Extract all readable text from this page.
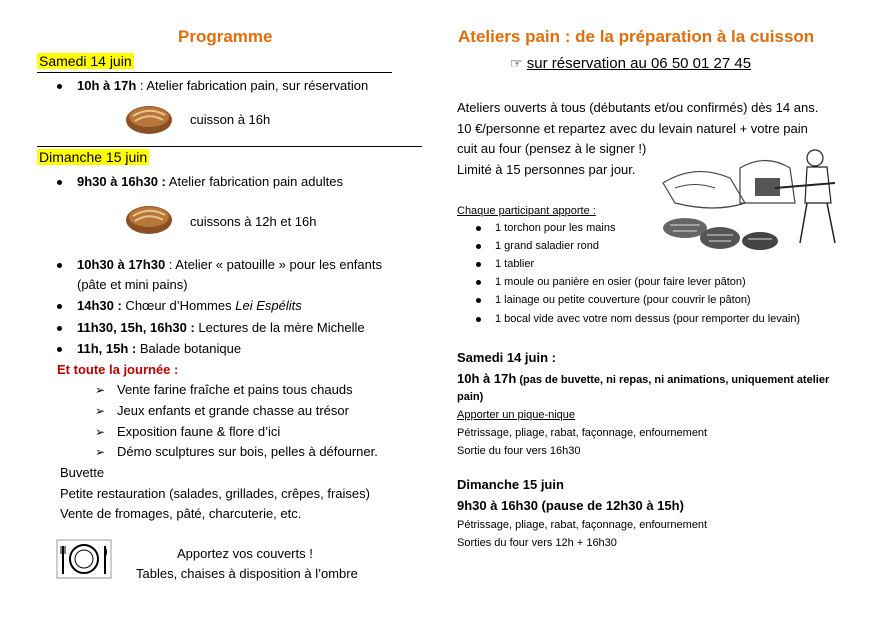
Programme
Samedi 14 juin
10h à 17h : Atelier fabrication pain, sur réservation
cuisson à 16h
Dimanche 15 juin
9h30 à 16h30 : Atelier fabrication pain adultes
cuissons à 12h et 16h
10h30 à 17h30 : Atelier « patouille » pour les enfants
(pâte et mini pains)
14h30 : Chœur d’Hommes Lei Espélits
11h30, 15h, 16h30 : Lectures de la mère Michelle
11h, 15h : Balade botanique
Et toute la journée :
➢ Vente farine fraîche et pains tous chauds
➢ Jeux enfants et grande chasse au trésor
➢ Exposition faune & flore d’ici
➢ Démo sculptures sur bois, pelles à défourner.
Buvette
Petite restauration (salades, grillades, crêpes, fraises)
Vente de fromages, pâté, charcuterie, etc.
Apportez vos couverts !
Tables, chaises à disposition à l’ombre
Ateliers pain : de la préparation à la cuisson
☞ sur réservation au 06 50 01 27 45
Ateliers ouverts à tous (débutants et/ou confirmés) dès 14 ans.
10 €/personne et repartez avec du levain naturel + votre pain
cuit au four (pensez à le signer !)
Limité à 15 personnes par jour.
Chaque participant apporte :
1 torchon pour les mains
1 grand saladier rond
1 tablier
1 moule ou panière en osier (pour faire lever pâton)
1 lainage ou petite couverture (pour couvrir le pâton)
1 bocal vide avec votre nom dessus (pour remporter du levain)
Samedi 14 juin :
10h à 17h (pas de buvette, ni repas, ni animations, uniquement atelier
pain)
Apporter un pique-nique
Pétrissage, pliage, rabat, façonnage, enfournement
Sortie du four vers 16h30
Dimanche 15 juin
9h30 à 16h30 (pause de 12h30 à 15h)
Pétrissage, pliage, rabat, façonnage, enfournement
Sorties du four vers 12h + 16h30
